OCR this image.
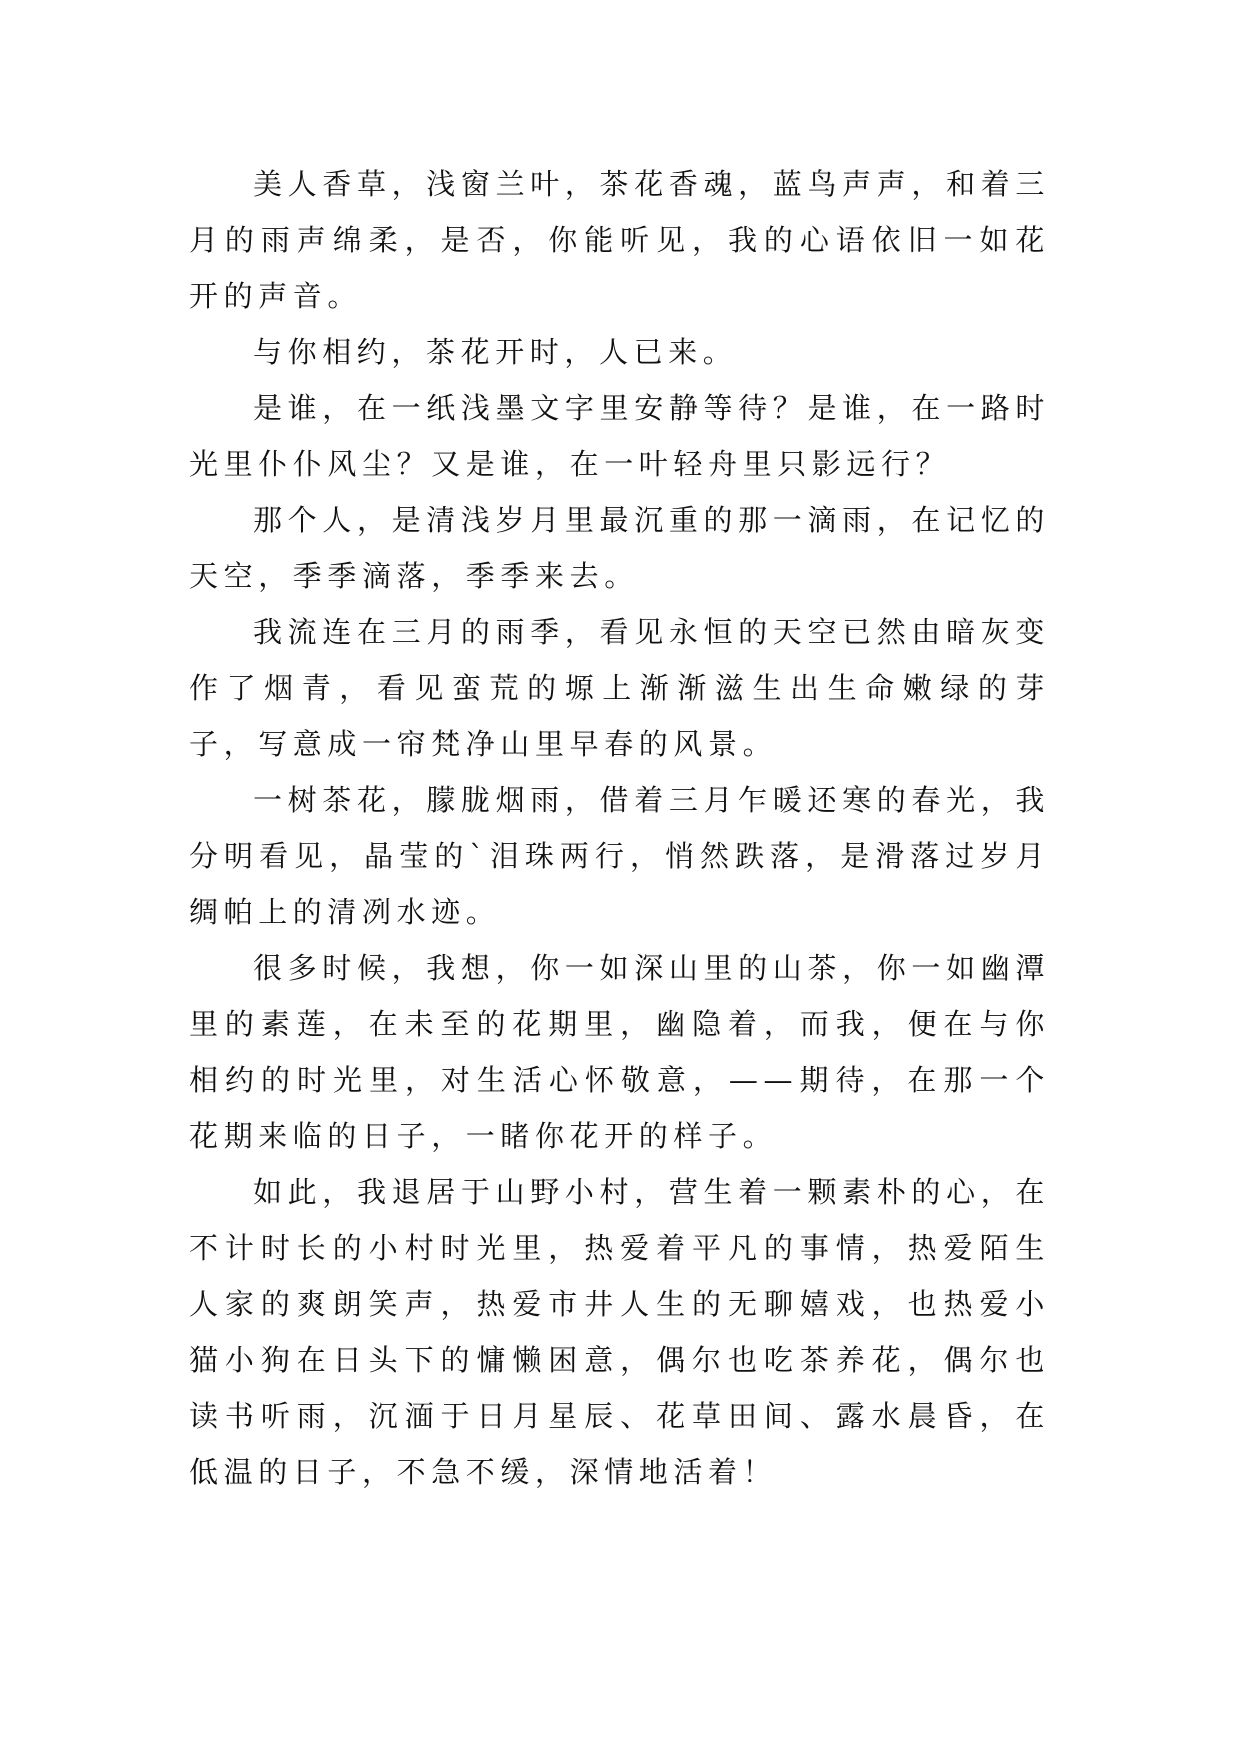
美人香草，浅窗兰叶，茶花香魂，蓝鸟声声，和着三月的雨声绵柔，是否，你能听见，我的心语依旧一如花开的声音。

与你相约，茶花开时，人已来。

是谁，在一纸浅墨文字里安静等待？是谁，在一路时光里仆仆风尘？又是谁，在一叶轻舟里只影远行？

那个人，是清浅岁月里最沉重的那一滴雨，在记忆的天空，季季滴落，季季来去。

我流连在三月的雨季，看见永恒的天空已然由暗灰变作了烟青，看见蛮荒的塬上渐渐滋生出生命嫩绿的芽子，写意成一帘梵净山里早春的风景。

一树茶花，朦胧烟雨，借着三月乍暖还寒的春光，我分明看见，晶莹的`泪珠两行，悄然跌落，是滑落过岁月绸帕上的清冽水迹。

很多时候，我想，你一如深山里的山茶，你一如幽潭里的素莲，在未至的花期里，幽隐着，而我，便在与你相约的时光里，对生活心怀敬意，——期待，在那一个花期来临的日子，一睹你花开的样子。

如此，我退居于山野小村，营生着一颗素朴的心，在不计时长的小村时光里，热爱着平凡的事情，热爱陌生人家的爽朗笑声，热爱市井人生的无聊嬉戏，也热爱小猫小狗在日头下的慵懒困意，偶尔也吃茶养花，偶尔也读书听雨，沉湎于日月星辰、花草田间、露水晨昏，在低温的日子，不急不缓，深情地活着！
